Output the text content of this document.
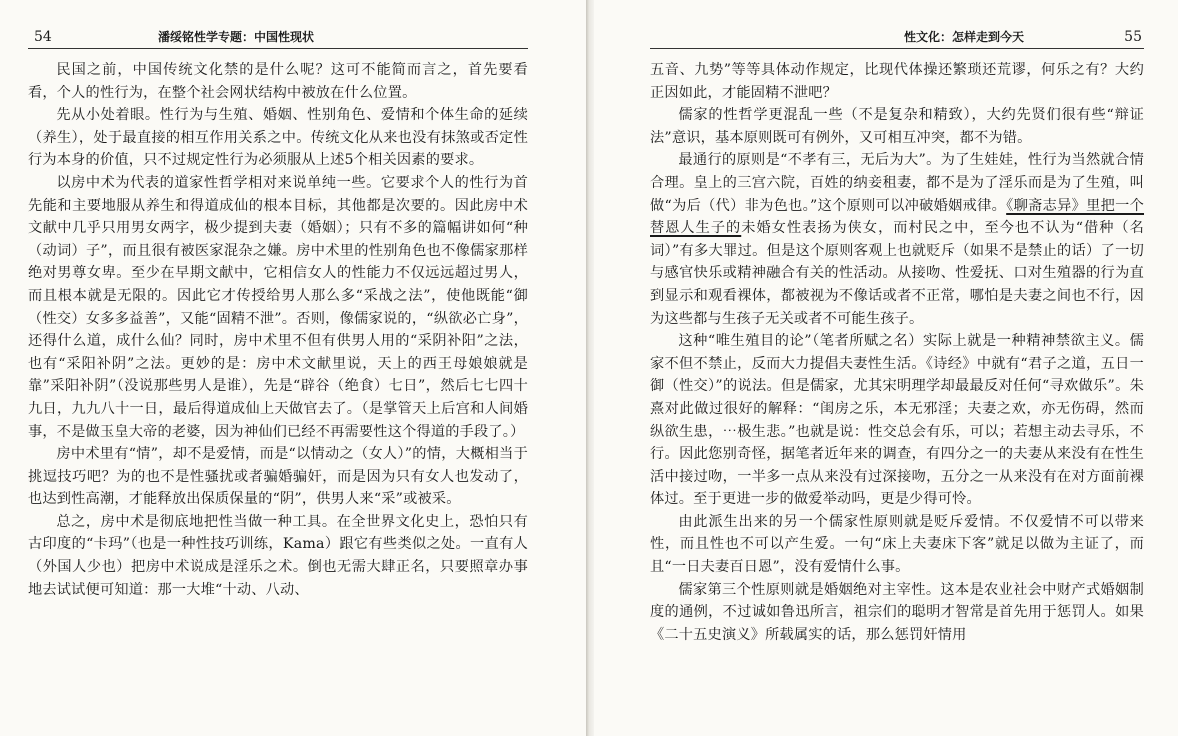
54	潘绥铭性学专题：中国性现状

民国之前，中国传统文化禁的是什么呢？这可不能简而言之，首先要看看，个人的性行为，在整个社会网状结构中被放在什么位置。

先从小处着眼。性行为与生殖、婚姻、性别角色、爱情和个体生命的延续（养生），处于最直接的相互作用关系之中。传统文化从来也没有抹煞或否定性行为本身的价值，只不过规定性行为必须服从上述5个相关因素的要求。

以房中术为代表的道家性哲学相对来说单纯一些。它要求个人的性行为首先能和主要地服从养生和得道成仙的根本目标，其他都是次要的。因此房中术文献中几乎只用男女两字，极少提到夫妻（婚姻）；只有不多的篇幅讲如何“种（动词）子”，而且很有被医家混杂之嫌。房中术里的性别角色也不像儒家那样绝对男尊女卑。至少在早期文献中，它相信女人的性能力不仅远远超过男人，而且根本就是无限的。因此它才传授给男人那么多“采战之法”，使他既能“御（性交）女多多益善”，又能“固精不泄”。否则，像儒家说的，“纵欲必亡身”，还得什么道，成什么仙？同时，房中术里不但有供男人用的“采阴补阳”之法，也有“采阳补阴”之法。更妙的是：房中术文献里说，天上的西王母娘娘就是靠”采阳补阴”（没说那些男人是谁），先是“辟谷（绝食）七日”，然后七七四十九日，九九八十一日，最后得道成仙上天做官去了。（是掌管天上后宫和人间婚事，不是做玉皇大帝的老婆，因为神仙们已经不再需要性这个得道的手段了。）

房中术里有“情”，却不是爱情，而是“以情动之（女人）”的情，大概相当于挑逗技巧吧？为的也不是性骚扰或者骗婚骗奸，而是因为只有女人也发动了，也达到性高潮，才能释放出保质保量的“阴”，供男人来“采”或被采。

总之，房中术是彻底地把性当做一种工具。在全世界文化史上，恐怕只有古印度的“卡玛”（也是一种性技巧训练，Kama）跟它有些类似之处。一直有人（外国人少也）把房中术说成是淫乐之术。倒也无需大肆正名，只要照章办事地去试试便可知道：那一大堆“十动、八动、

性文化：怎样走到今天	55

五音、九势”等等具体动作规定，比现代体操还繁琐还荒谬，何乐之有？大约正因如此，才能固精不泄吧？

儒家的性哲学更混乱一些（不是复杂和精致），大约先贤们很有些“辩证法”意识，基本原则既可有例外，又可相互冲突，都不为错。

最通行的原则是“不孝有三，无后为大”。为了生娃娃，性行为当然就合情合理。皇上的三宫六院，百姓的纳妾租妻，都不是为了淫乐而是为了生殖，叫做“为后（代）非为色也。”这个原则可以冲破婚姻戒律。《聊斋志异》里把一个替恩人生子的未婚女性表扬为侠女，而村民之中，至今也不认为“借种（名词）”有多大罪过。但是这个原则客观上也就贬斥（如果不是禁止的话）了一切与感官快乐或精神融合有关的性活动。从接吻、性爱抚、口对生殖器的行为直到显示和观看裸体，都被视为不像话或者不正常，哪怕是夫妻之间也不行，因为这些都与生孩子无关或者不可能生孩子。

这种“唯生殖目的论”（笔者所赋之名）实际上就是一种精神禁欲主义。儒家不但不禁止，反而大力提倡夫妻性生活。《诗经》中就有“君子之道，五日一御（性交）”的说法。但是儒家，尤其宋明理学却最最反对任何“寻欢做乐”。朱熹对此做过很好的解释：“闺房之乐，本无邪淫；夫妻之欢，亦无伤碍，然而纵欲生患，⋯极生悲。”也就是说：性交总会有乐，可以；若想主动去寻乐，不行。因此您别奇怪，据笔者近年来的调查，有四分之一的夫妻从来没有在性生活中接过吻，一半多一点从来没有过深接吻，五分之一从来没有在对方面前裸体过。至于更进一步的做爱举动吗，更是少得可怜。

由此派生出来的另一个儒家性原则就是贬斥爱情。不仅爱情不可以带来性，而且性也不可以产生爱。一句“床上夫妻床下客”就足以做为主证了，而且“一日夫妻百日恩”，没有爱情什么事。

儒家第三个性原则就是婚姻绝对主宰性。这本是农业社会中财产式婚姻制度的通例，不过诚如鲁迅所言，祖宗们的聪明才智常是首先用于惩罚人。如果《二十五史演义》所载属实的话，那么惩罚奸情用
